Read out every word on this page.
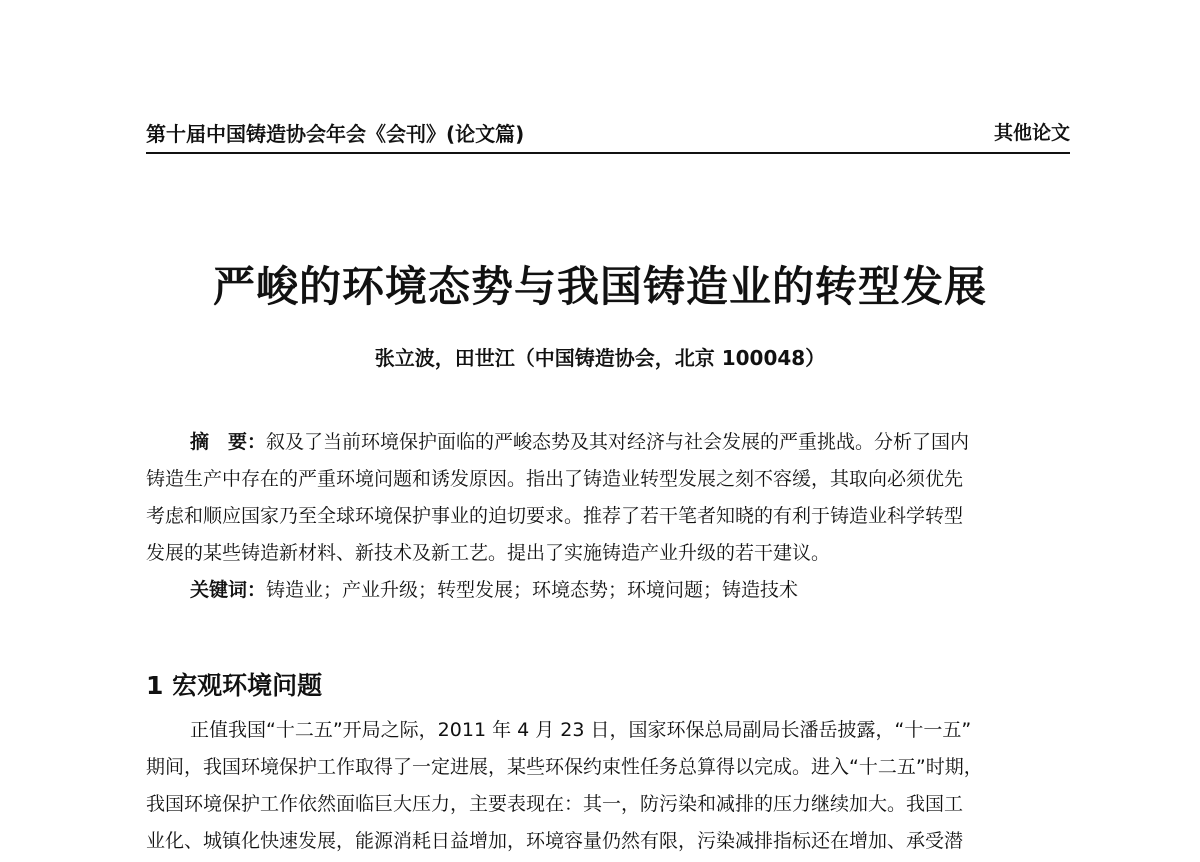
第十届中国铸造协会年会《会刊》(论文篇)	其他论文
严峻的环境态势与我国铸造业的转型发展
张立波，田世江（中国铸造协会，北京 100048）
摘　要：叙及了当前环境保护面临的严峻态势及其对经济与社会发展的严重挑战。分析了国内
铸造生产中存在的严重环境问题和诱发原因。指出了铸造业转型发展之刻不容缓，其取向必须优先
考虑和顺应国家乃至全球环境保护事业的迫切要求。推荐了若干笔者知晓的有利于铸造业科学转型
发展的某些铸造新材料、新技术及新工艺。提出了实施铸造产业升级的若干建议。
关键词：铸造业；产业升级；转型发展；环境态势；环境问题；铸造技术
1 宏观环境问题
正值我国“十二五”开局之际，2011 年 4 月 23 日，国家环保总局副局长潘岳披露，“十一五”
期间，我国环境保护工作取得了一定进展，某些环保约束性任务总算得以完成。进入“十二五”时期，
我国环境保护工作依然面临巨大压力，主要表现在：其一，防污染和减排的压力继续加大。我国工
业化、城镇化快速发展，能源消耗日益增加，环境容量仍然有限，污染减排指标还在增加、承受潜
